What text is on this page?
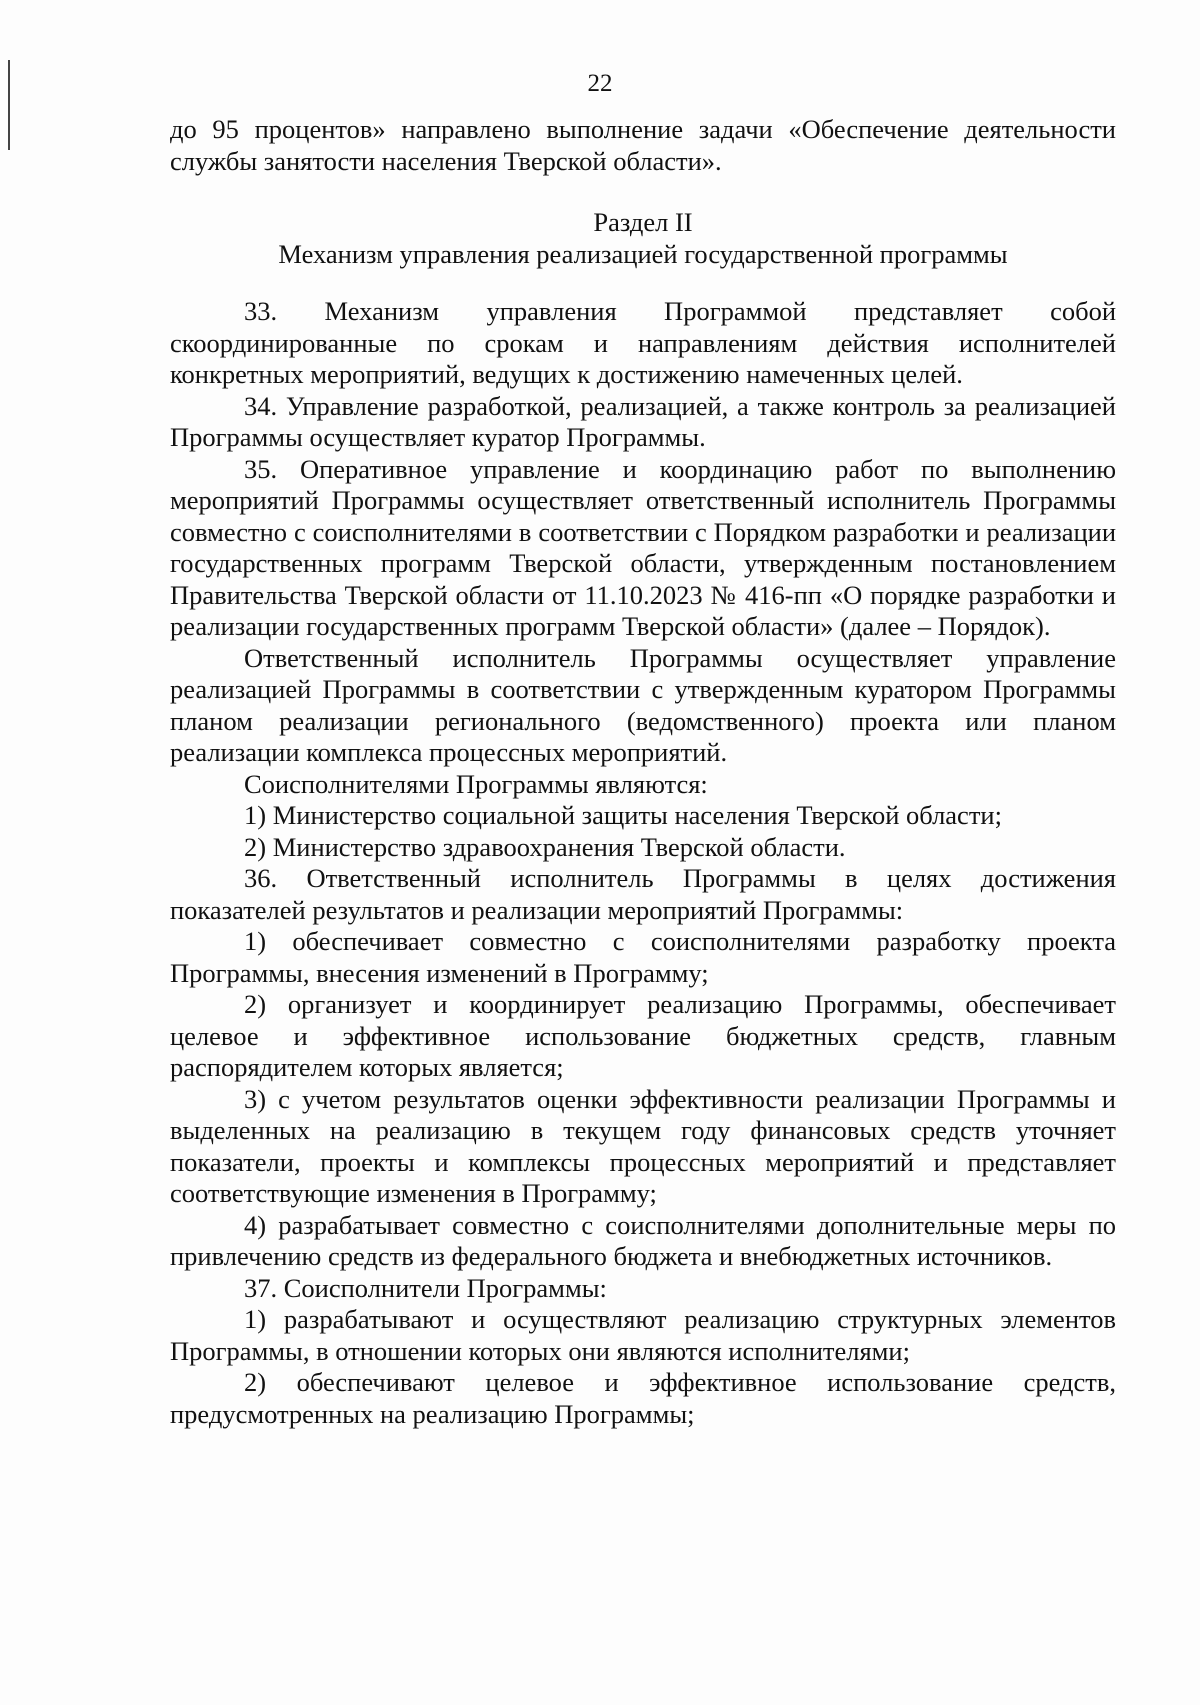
22

до 95 процентов» направлено выполнение задачи «Обеспечение деятельности службы занятости населения Тверской области».

Раздел II

Механизм управления реализацией государственной программы

33. Механизм управления Программой представляет собой скоординированные по срокам и направлениям действия исполнителей конкретных мероприятий, ведущих к достижению намеченных целей.

34. Управление разработкой, реализацией, а также контроль за реализацией Программы осуществляет куратор Программы.

35. Оперативное управление и координацию работ по выполнению мероприятий Программы осуществляет ответственный исполнитель Программы совместно с соисполнителями в соответствии с Порядком разработки и реализации государственных программ Тверской области, утвержденным постановлением Правительства Тверской области от 11.10.2023 № 416-пп «О порядке разработки и реализации государственных программ Тверской области» (далее – Порядок).

Ответственный исполнитель Программы осуществляет управление реализацией Программы в соответствии с утвержденным куратором Программы планом реализации регионального (ведомственного) проекта или планом реализации комплекса процессных мероприятий.

Соисполнителями Программы являются:

1) Министерство социальной защиты населения Тверской области;

2) Министерство здравоохранения Тверской области.

36. Ответственный исполнитель Программы в целях достижения показателей результатов и реализации мероприятий Программы:

1) обеспечивает совместно с соисполнителями разработку проекта Программы, внесения изменений в Программу;

2) организует и координирует реализацию Программы, обеспечивает целевое и эффективное использование бюджетных средств, главным распорядителем которых является;

3) с учетом результатов оценки эффективности реализации Программы и выделенных на реализацию в текущем году финансовых средств уточняет показатели, проекты и комплексы процессных мероприятий и представляет соответствующие изменения в Программу;

4) разрабатывает совместно с соисполнителями дополнительные меры по привлечению средств из федерального бюджета и внебюджетных источников.

37. Соисполнители Программы:

1) разрабатывают и осуществляют реализацию структурных элементов Программы, в отношении которых они являются исполнителями;

2) обеспечивают целевое и эффективное использование средств, предусмотренных на реализацию Программы;
